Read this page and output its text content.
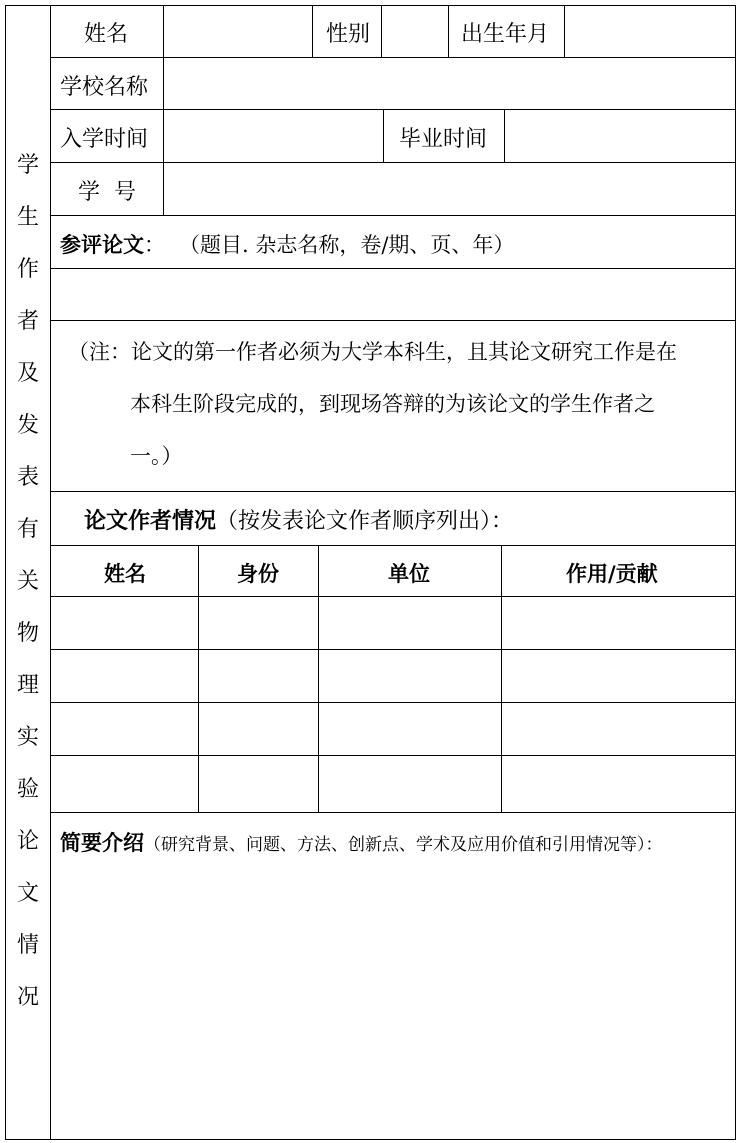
学
生
作
者
及
发
表
有
关
物
理
实
验
论
文
情
况
姓名	性别	出生年月
学校名称
入学时间	毕业时间
学  号
参评论文： （题目. 杂志名称，卷/期、页、年）
（注：论文的第一作者必须为大学本科生，且其论文研究工作是在
本科生阶段完成的，到现场答辩的为该论文的学生作者之
一。）
论文作者情况（按发表论文作者顺序列出）：
姓名	身份	单位	作用/贡献
简要介绍（研究背景、问题、方法、创新点、学术及应用价值和引用情况等）：
